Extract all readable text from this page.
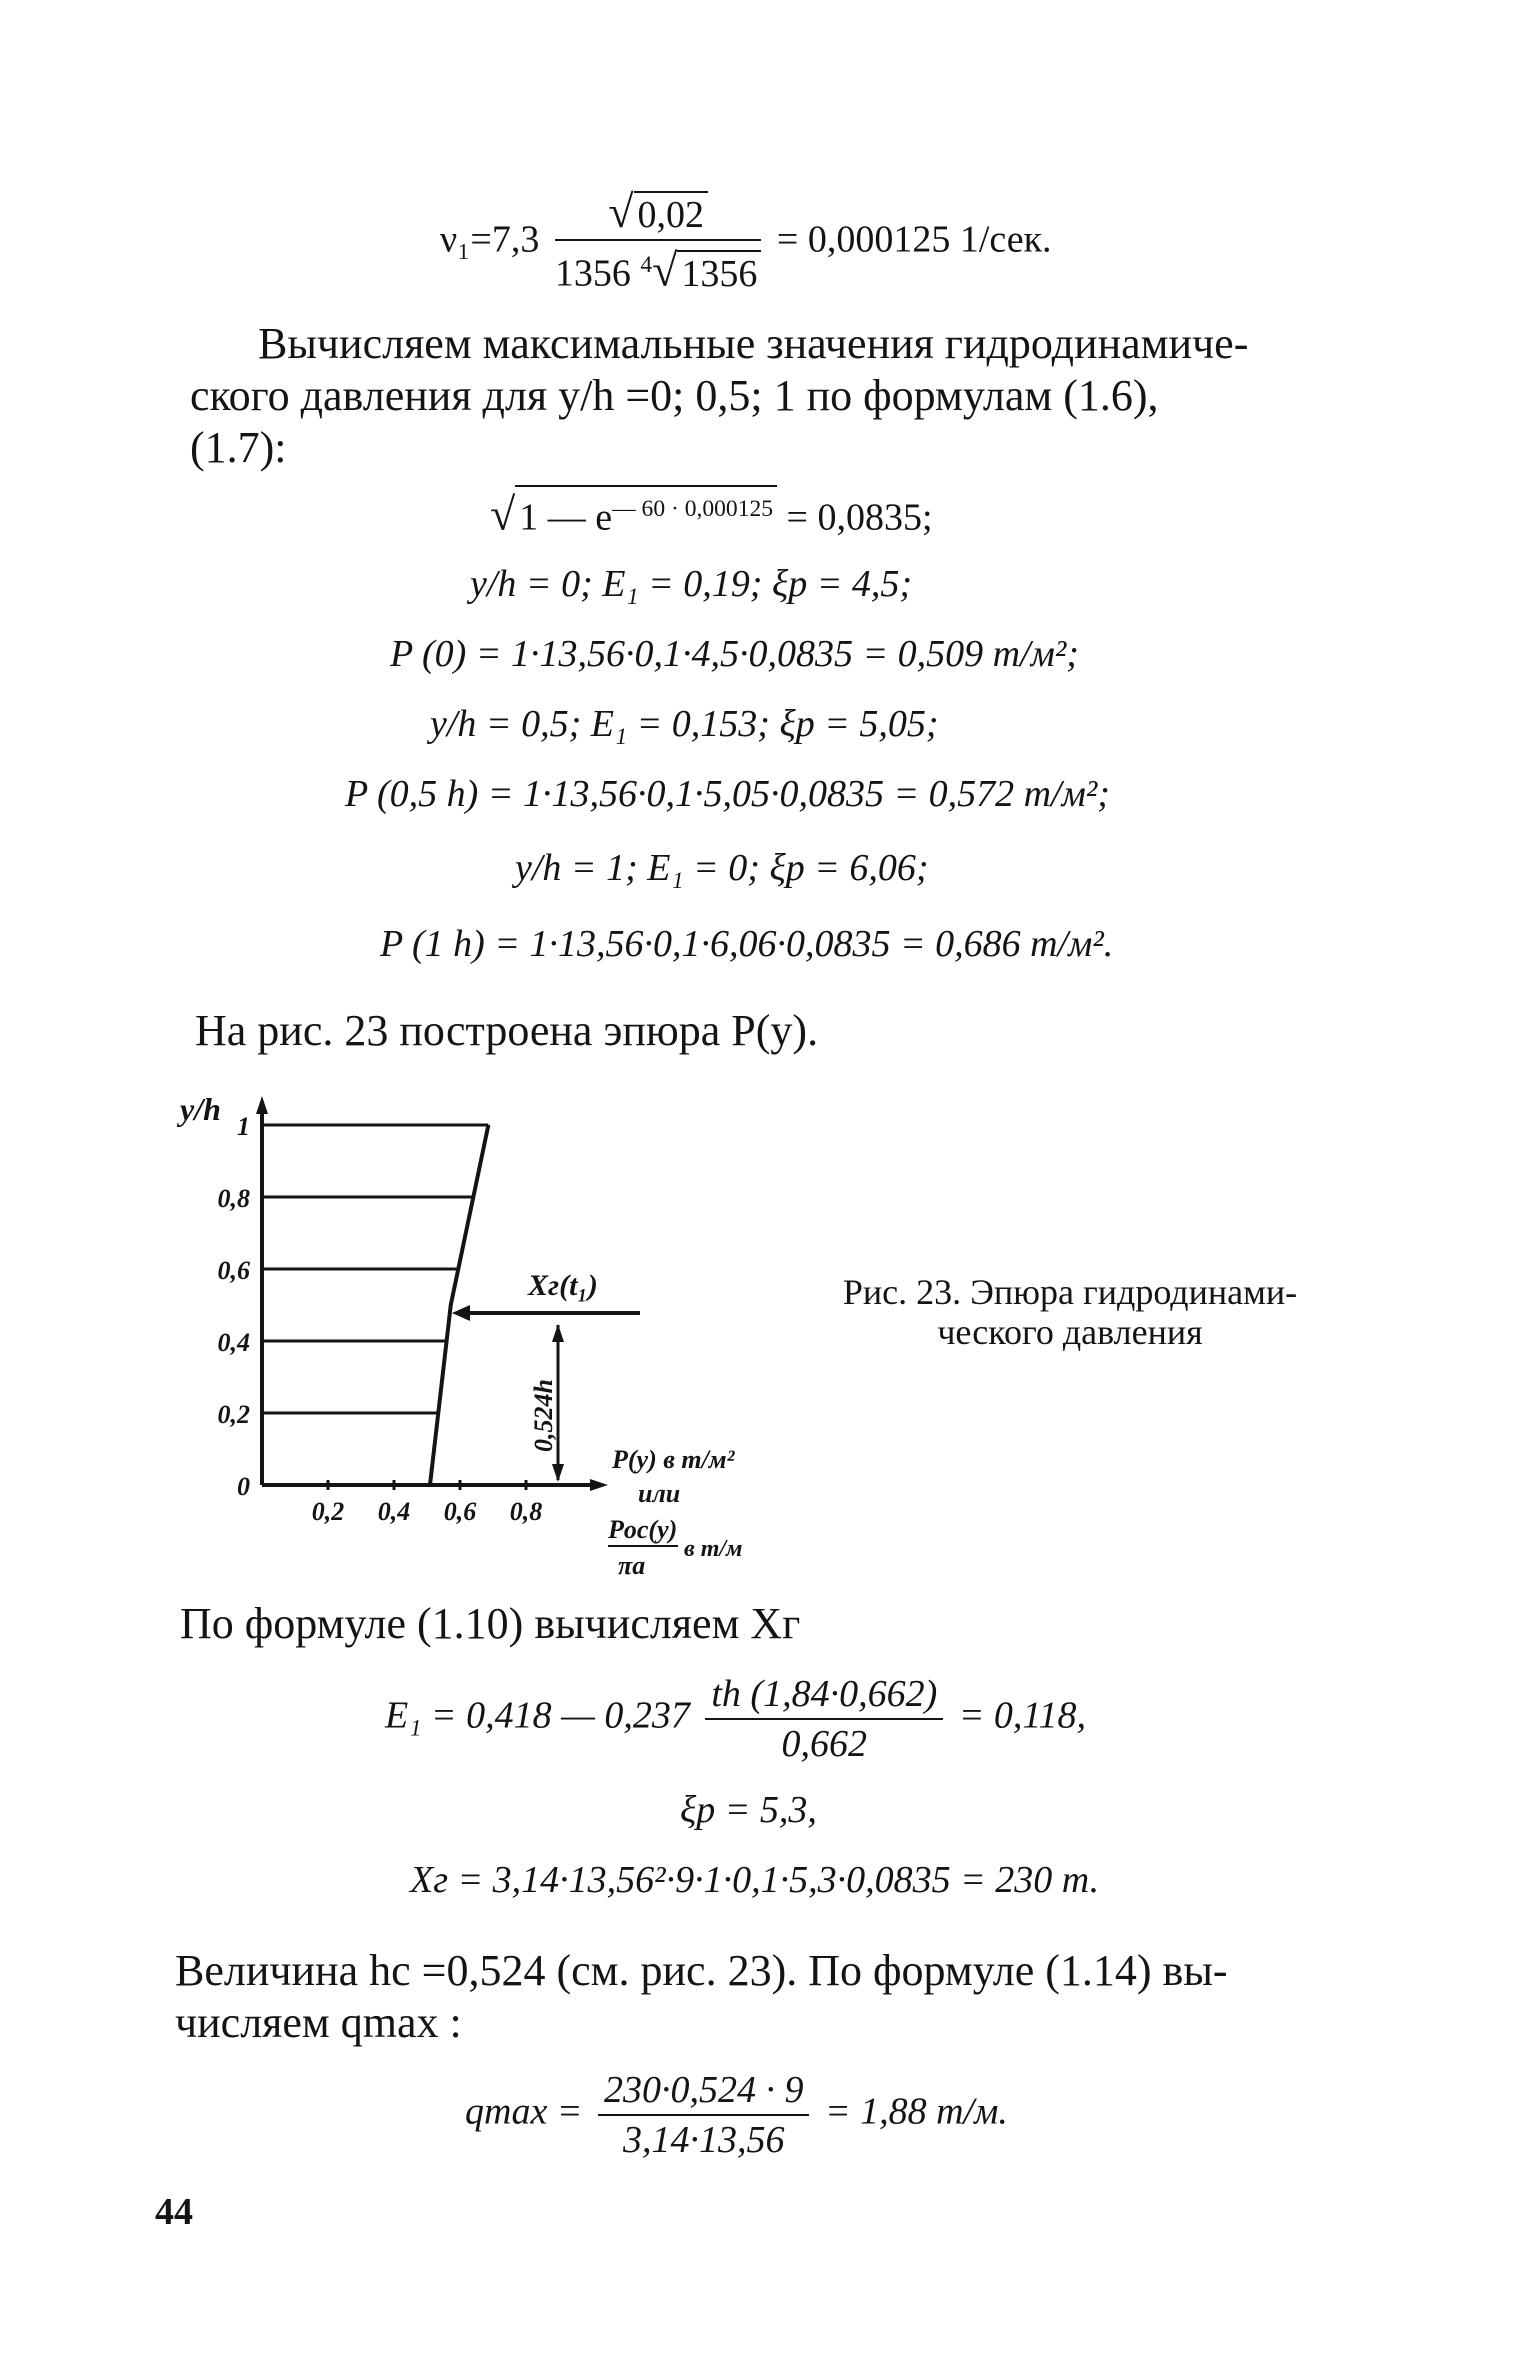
$\nu_1=7,3 \frac{√ 0,02}{1356 ^4√ 1356} = 0,000125$ 1/сек.
Вычисляем максимальные значения гидродинамиче-
ского давления для y/h =0; 0,5; 1 по формулам (1.6),
(1.7):
√ 1 — $e^{— 60 \cdot 0,000125} = 0,0835$;
y/h = 0; E₁ = 0,19; ξр = 4,5;
P (0) = 1·13,56·0,1·4,5·0,0835 = 0,509 т/м²;
y/h = 0,5; E₁ = 0,153; ξр = 5,05;
P (0,5 h) = 1·13,56·0,1·5,05·0,0835 = 0,572 т/м²;
y/h = 1; E₁ = 0; ξр = 6,06;
P (1 h) = 1·13,56·0,1·6,06·0,0835 = 0,686 т/м².
На рис. 23 построена эпюра P(y).
y/h 1
0,8
0,6
0,4
0,2
0
0,2 0,4 0,6 0,8
Xг(t₁)
0,524h
P(y) в т/м²
или
Pос(y)
πa
в т/м
Рис. 23. Эпюра гидродинами-
ческого давления
По формуле (1.10) вычисляем Xг
E₁ = 0,418 — $0,237 \frac{th (1,84\cdot 0,662)}{0,662} = 0,118$,
ξр = 5,3,
Xг = 3,14·13,56²·9·1·0,1·5,3·0,0835 = 230 т.
Величина hc =0,524 (см. рис. 23). По формуле (1.14) вы-
числяем qmax :
$qmax = \frac{230\cdot 0,524 \cdot 9}{3,14\cdot 13,56} = 1,88$ т/м.
44
